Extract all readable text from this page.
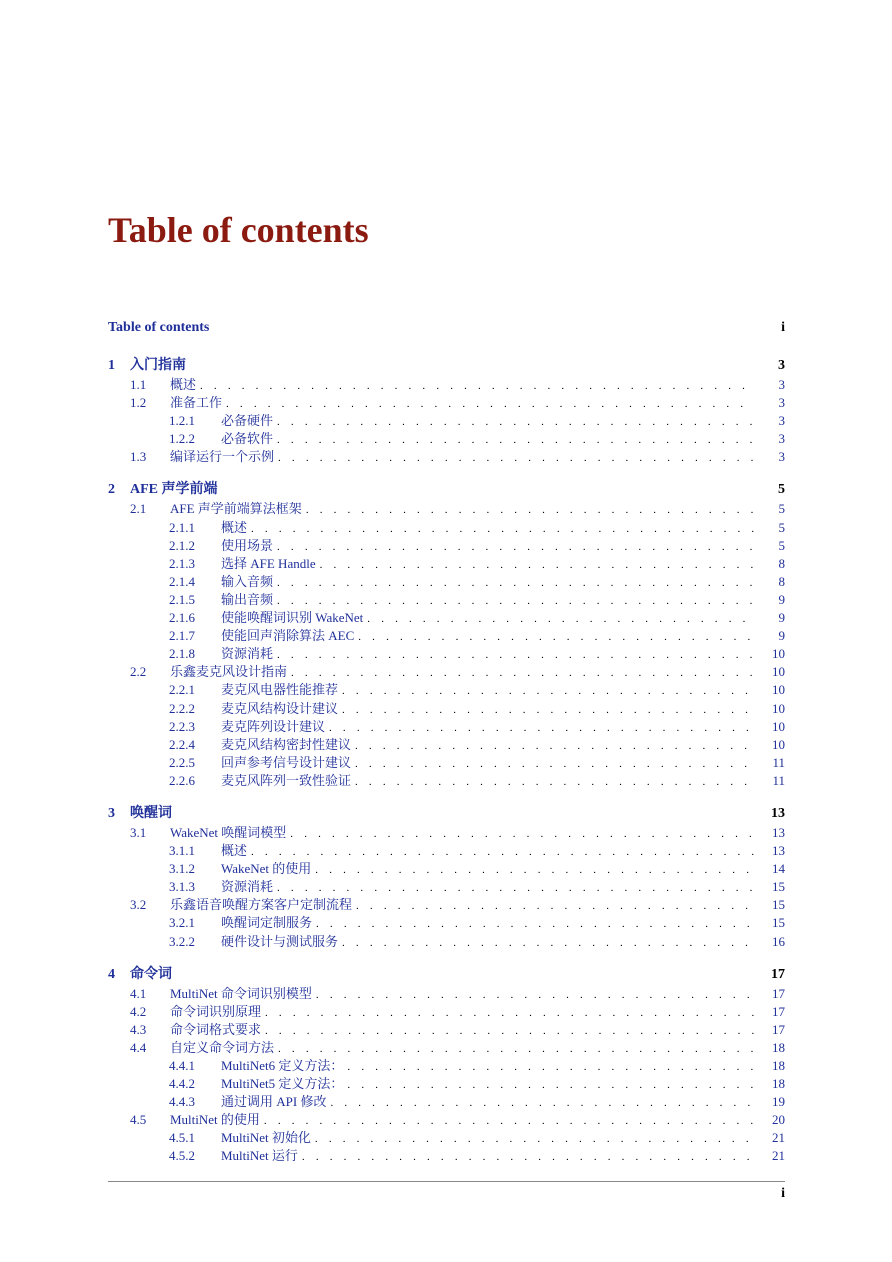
Table of contents
Table of contents	i
1	入门指南	3
1.1	概述 . . .	3
1.2	准备工作 . . .	3
1.2.1	必备硬件 . . .	3
1.2.2	必备软件 . . .	3
1.3	编译运行一个示例 . . .	3
2	AFE 声学前端	5
2.1	AFE 声学前端算法框架 . . .	5
2.1.1	概述 . . .	5
2.1.2	使用场景 . . .	5
2.1.3	选择 AFE Handle . . .	8
2.1.4	输入音频 . . .	8
2.1.5	输出音频 . . .	9
2.1.6	使能唤醒词识别 WakeNet . . .	9
2.1.7	使能回声消除算法 AEC . . .	9
2.1.8	资源消耗 . . .	10
2.2	乐鑫麦克风设计指南 . . .	10
2.2.1	麦克风电器性能推荐 . . .	10
2.2.2	麦克风结构设计建议 . . .	10
2.2.3	麦克阵列设计建议 . . .	10
2.2.4	麦克风结构密封性建议 . . .	10
2.2.5	回声参考信号设计建议 . . .	11
2.2.6	麦克风阵列一致性验证 . . .	11
3	唤醒词	13
3.1	WakeNet 唤醒词模型 . . .	13
3.1.1	概述 . . .	13
3.1.2	WakeNet 的使用 . . .	14
3.1.3	资源消耗 . . .	15
3.2	乐鑫语音唤醒方案客户定制流程 . . .	15
3.2.1	唤醒词定制服务 . . .	15
3.2.2	硬件设计与测试服务 . . .	16
4	命令词	17
4.1	MultiNet 命令词识别模型 . . .	17
4.2	命令词识别原理 . . .	17
4.3	命令词格式要求 . . .	17
4.4	自定义命令词方法 . . .	18
4.4.1	MultiNet6 定义方法： . . .	18
4.4.2	MultiNet5 定义方法： . . .	18
4.4.3	通过调用 API 修改 . . .	19
4.5	MultiNet 的使用 . . .	20
4.5.1	MultiNet 初始化 . . .	21
4.5.2	MultiNet 运行 . . .	21
i
